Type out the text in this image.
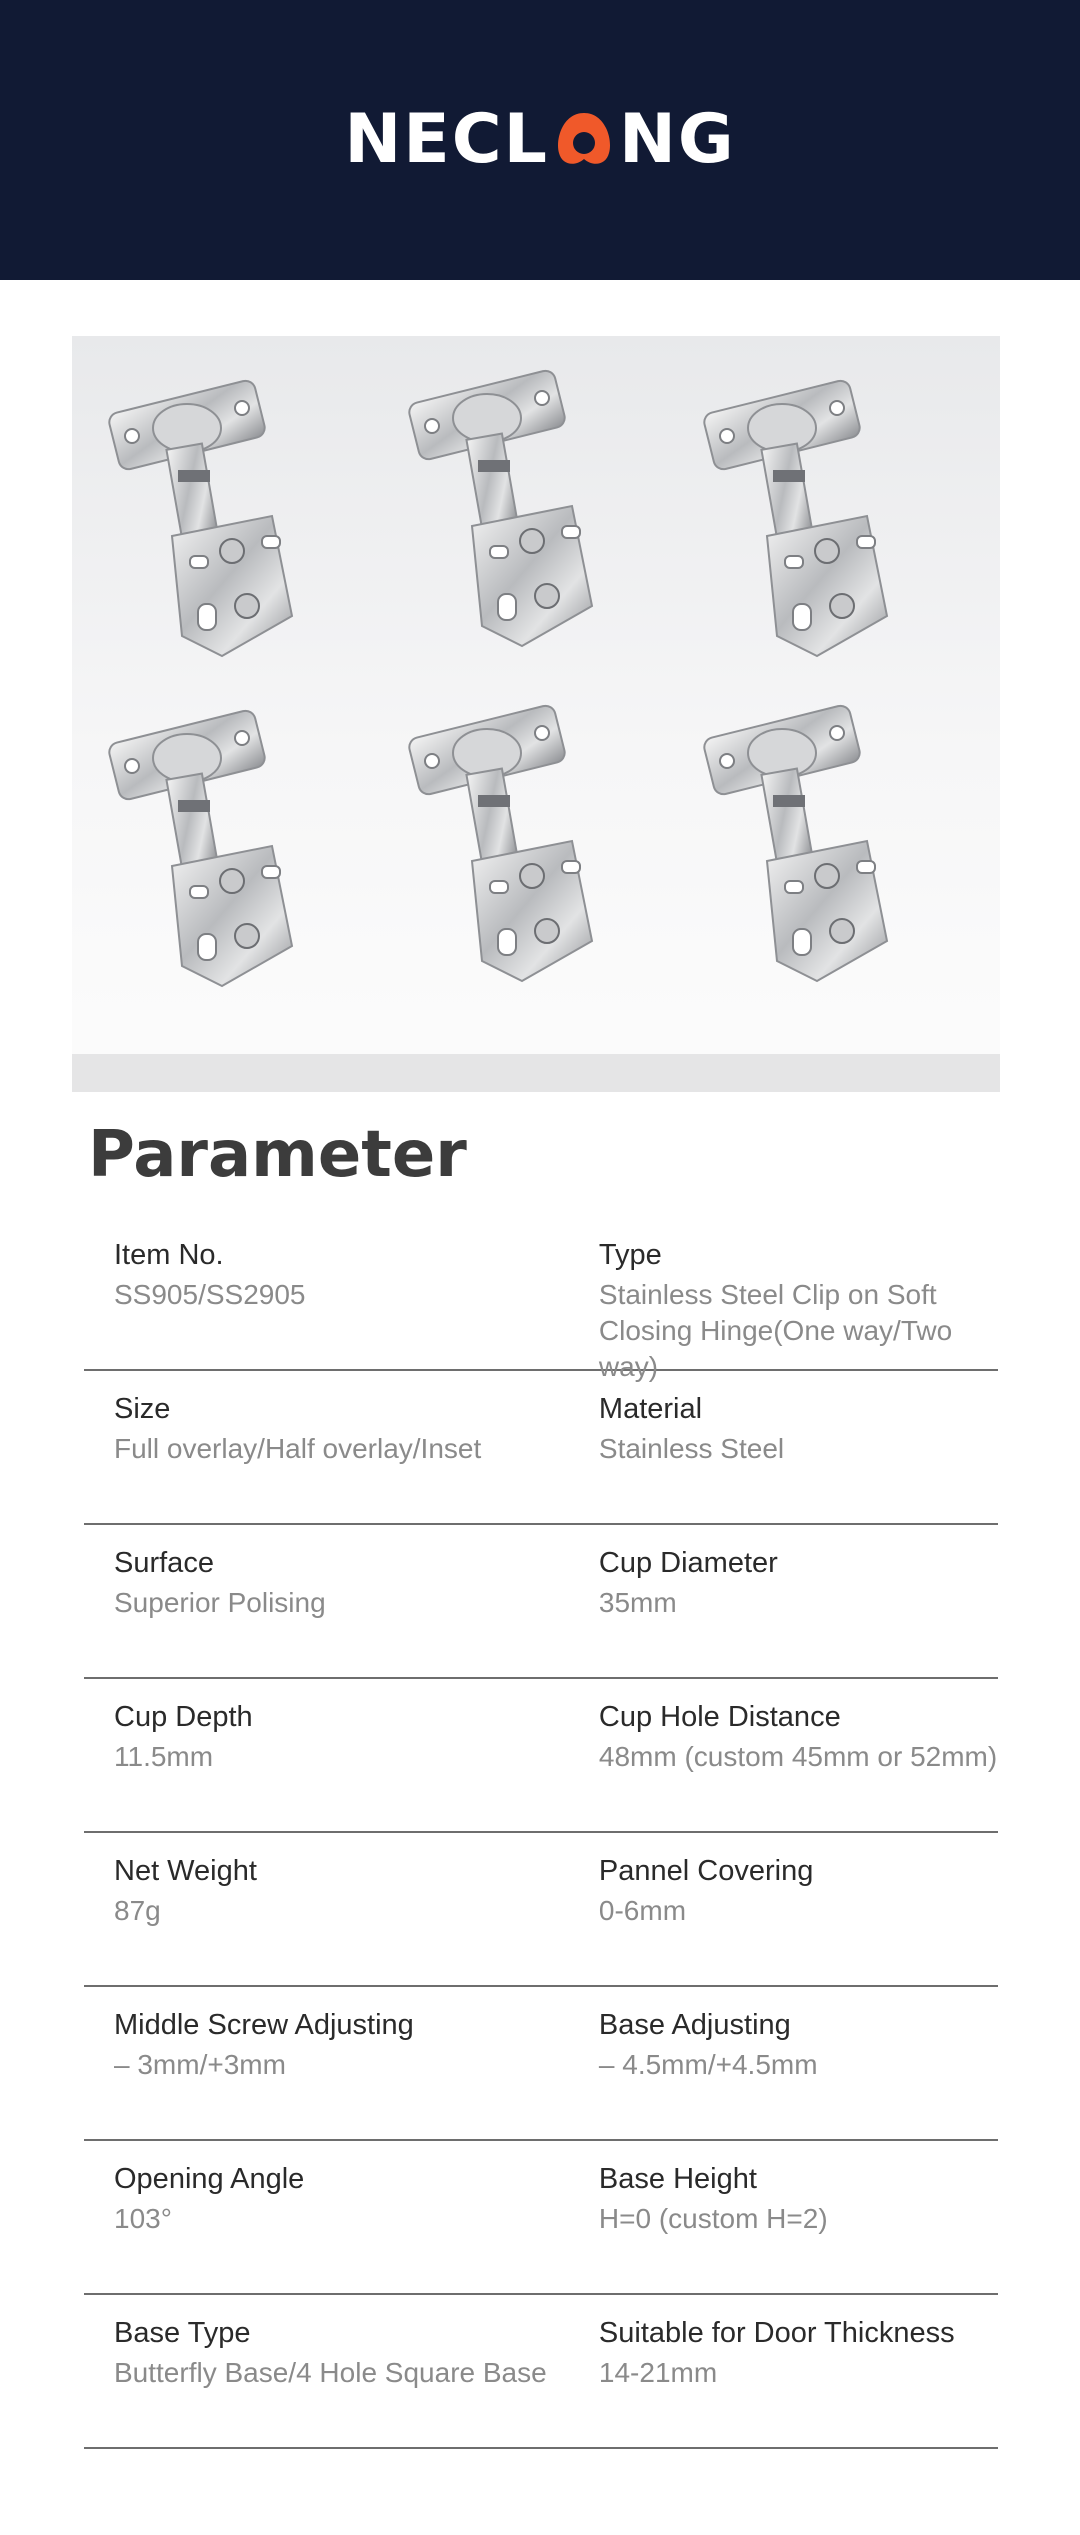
NECL NG
Parameter
Item No.
SS905/SS2905
Type
Stainless Steel Clip on Soft Closing Hinge(One way/Two way)
Size
Full overlay/Half overlay/Inset
Material
Stainless Steel
Surface
Superior Polising
Cup Diameter
35mm
Cup Depth
11.5mm
Cup Hole Distance
48mm (custom 45mm or 52mm)
Net Weight
87g
Pannel Covering
0-6mm
Middle Screw Adjusting
– 3mm/+3mm
Base Adjusting
– 4.5mm/+4.5mm
Opening Angle
103°
Base Height
H=0 (custom H=2)
Base Type
Butterfly Base/4 Hole Square Base
Suitable for Door Thickness
14-21mm
